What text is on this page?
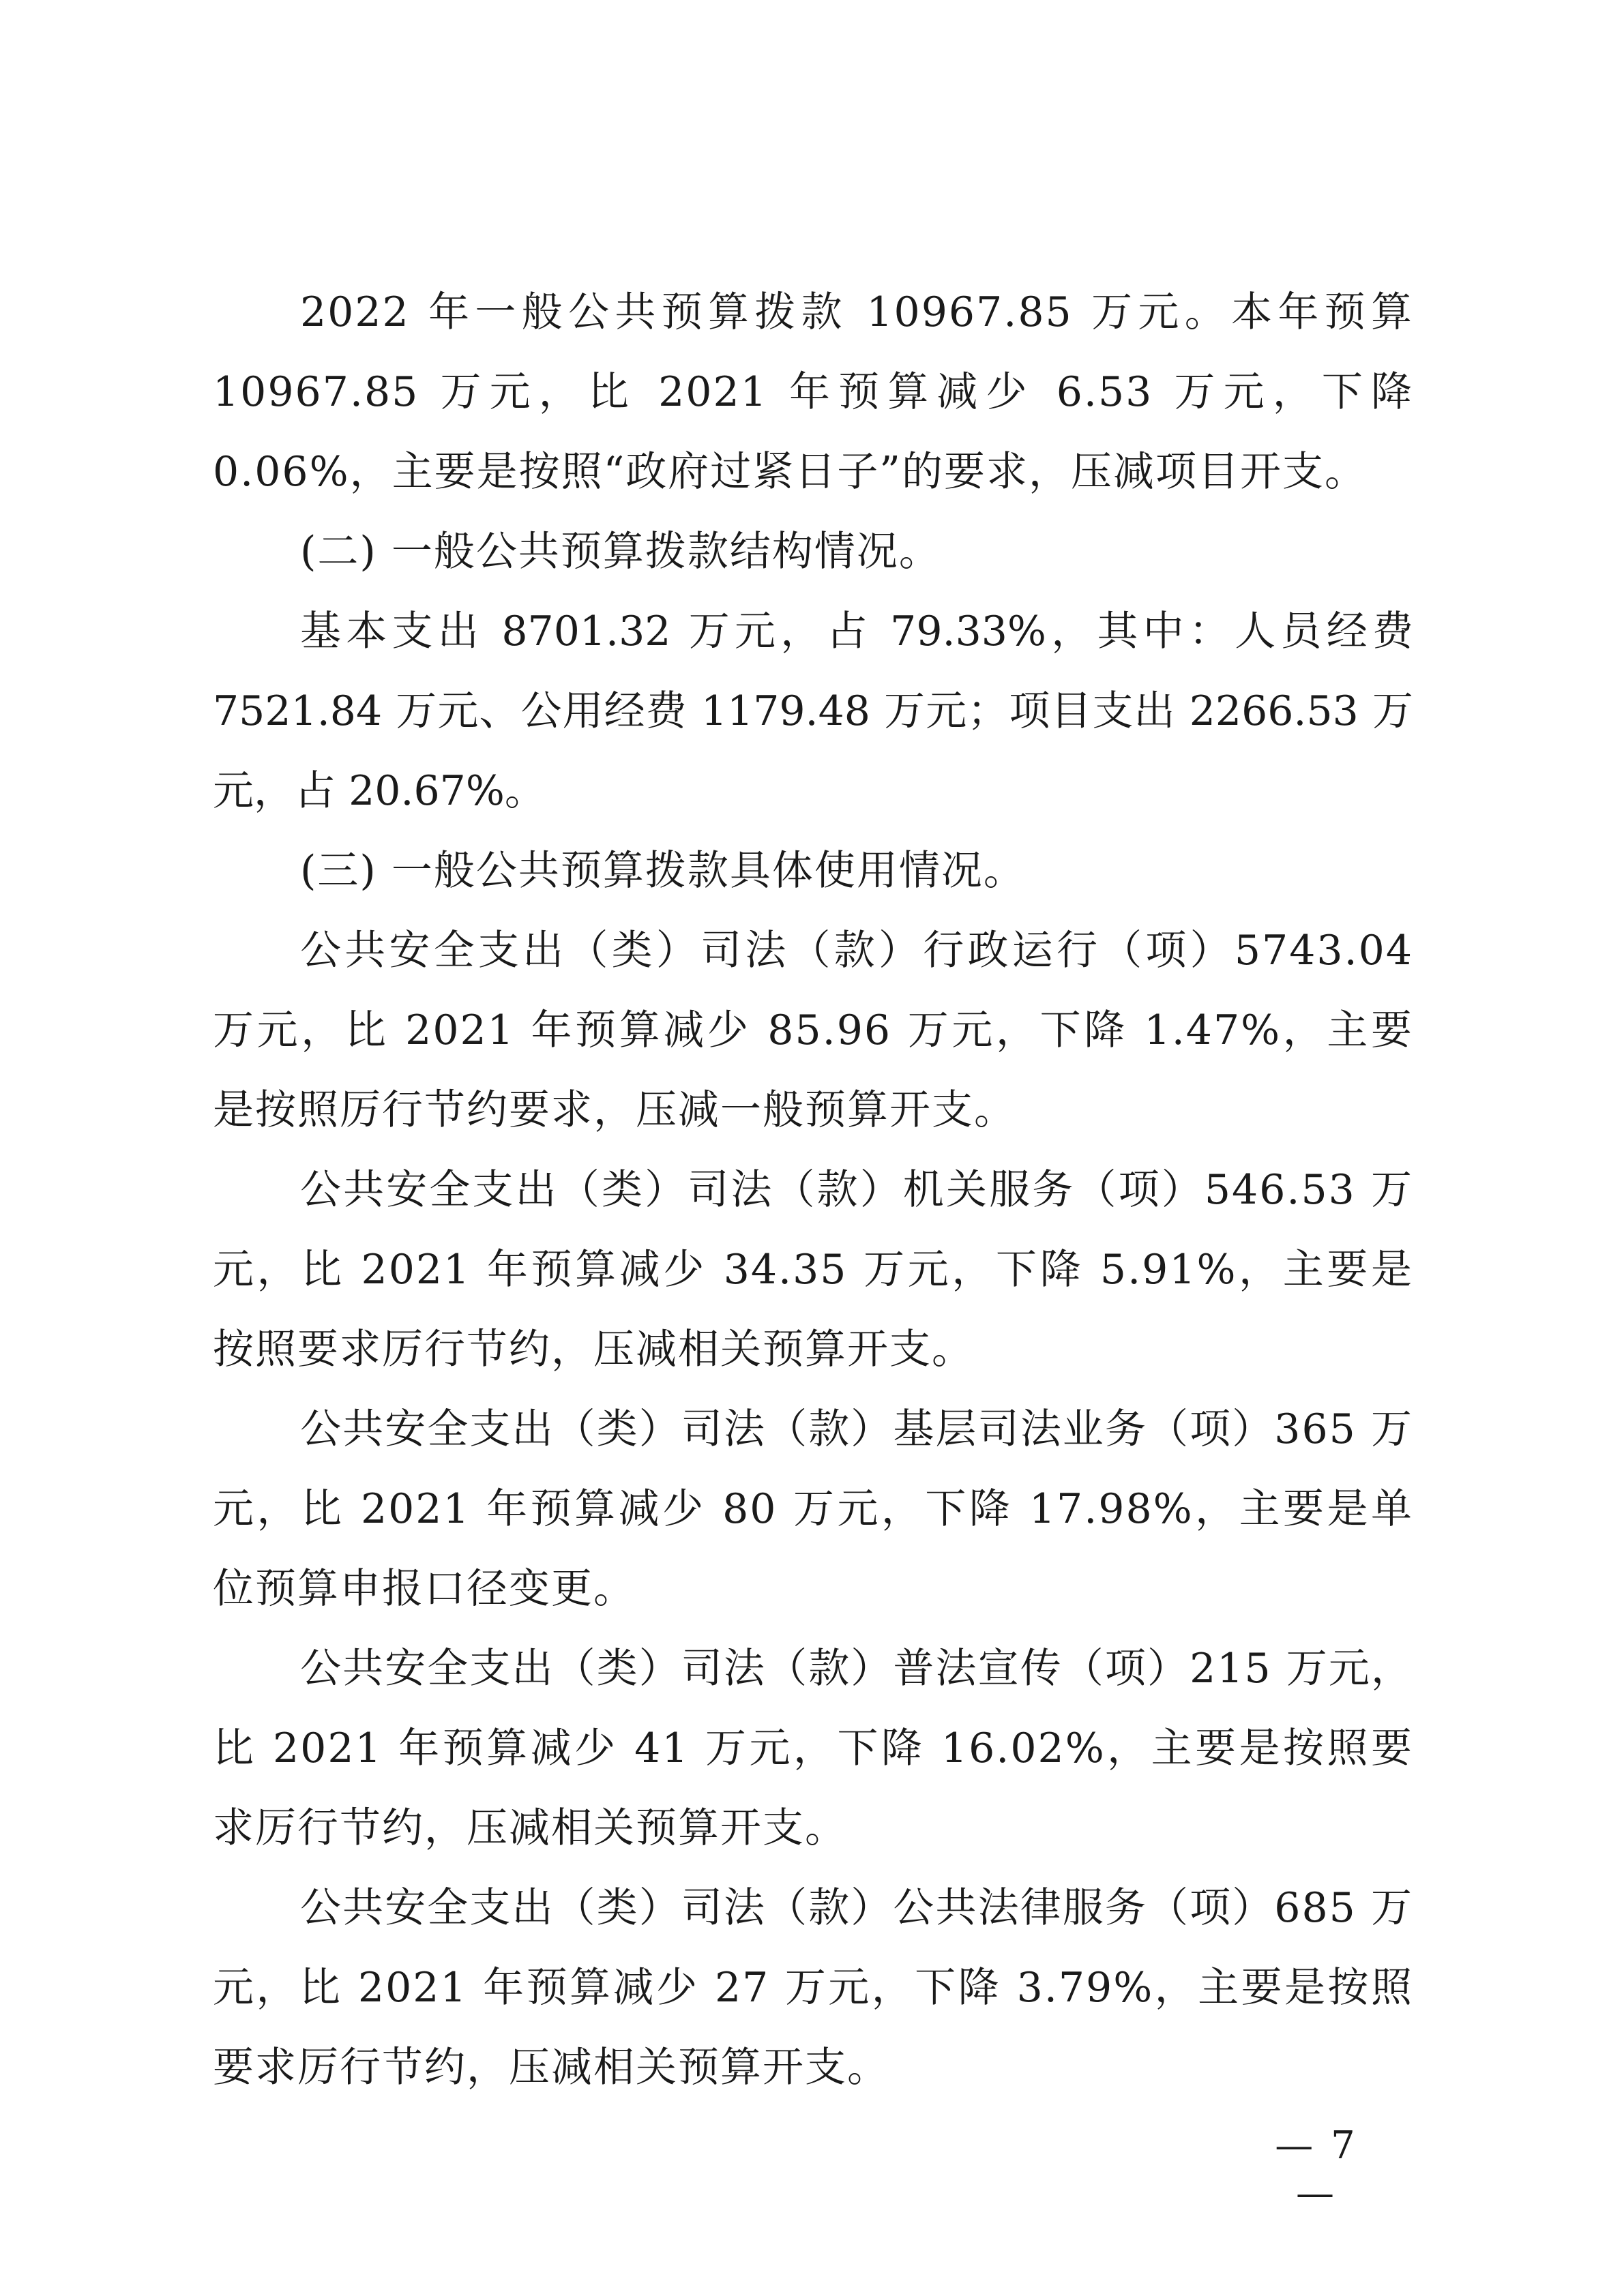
2022 年一般公共预算拨款 10967.85 万元。本年预算 10967.85 万元，比 2021 年预算减少 6.53 万元，下降 0.06%，主要是按照“政府过紧日子”的要求，压减项目开支。

(二) 一般公共预算拨款结构情况。

基本支出 8701.32 万元，占 79.33%，其中：人员经费 7521.84 万元、公用经费 1179.48 万元；项目支出 2266.53 万元，占 20.67%。

(三) 一般公共预算拨款具体使用情况。

公共安全支出（类）司法（款）行政运行（项）5743.04 万元，比 2021 年预算减少 85.96 万元，下降 1.47%，主要是按照厉行节约要求，压减一般预算开支。

公共安全支出（类）司法（款）机关服务（项）546.53 万元，比 2021 年预算减少 34.35 万元，下降 5.91%，主要是按照要求厉行节约，压减相关预算开支。

公共安全支出（类）司法（款）基层司法业务（项）365 万元，比 2021 年预算减少 80 万元，下降 17.98%，主要是单位预算申报口径变更。

公共安全支出（类）司法（款）普法宣传（项）215 万元，比 2021 年预算减少 41 万元，下降 16.02%，主要是按照要求厉行节约，压减相关预算开支。

公共安全支出（类）司法（款）公共法律服务（项）685 万元，比 2021 年预算减少 27 万元，下降 3.79%，主要是按照要求厉行节约，压减相关预算开支。

— 7 —
